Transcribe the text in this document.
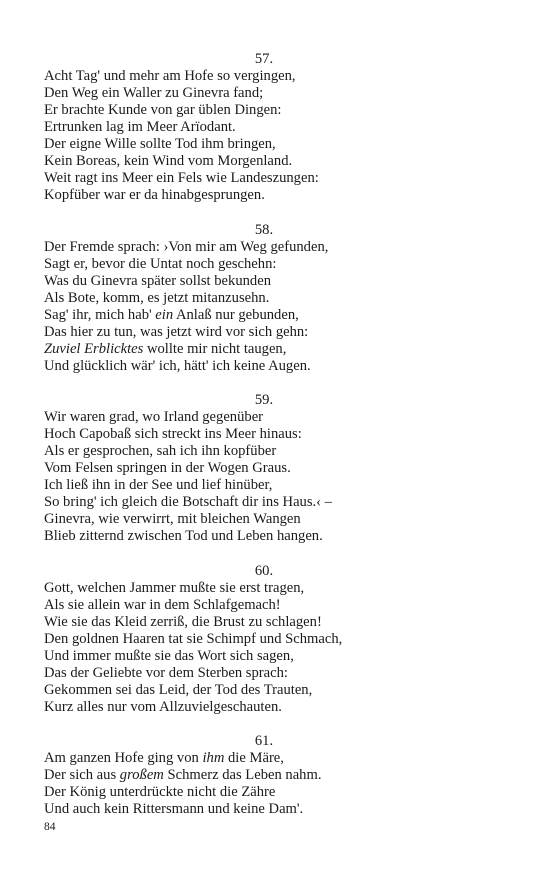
57.
Acht Tag' und mehr am Hofe so vergingen,
Den Weg ein Waller zu Ginevra fand;
Er brachte Kunde von gar üblen Dingen:
Ertrunken lag im Meer Arïodant.
Der eigne Wille sollte Tod ihm bringen,
Kein Boreas, kein Wind vom Morgenland.
Weit ragt ins Meer ein Fels wie Landeszungen:
Kopfüber war er da hinabgesprungen.
58.
Der Fremde sprach: ›Von mir am Weg gefunden,
Sagt er, bevor die Untat noch geschehn:
Was du Ginevra später sollst bekunden
Als Bote, komm, es jetzt mitanzusehn.
Sag' ihr, mich hab' ein Anlaß nur gebunden,
Das hier zu tun, was jetzt wird vor sich gehn:
Zuviel Erblicktes wollte mir nicht taugen,
Und glücklich wär' ich, hätt' ich keine Augen.
59.
Wir waren grad, wo Irland gegenüber
Hoch Capobaß sich streckt ins Meer hinaus:
Als er gesprochen, sah ich ihn kopfüber
Vom Felsen springen in der Wogen Graus.
Ich ließ ihn in der See und lief hinüber,
So bring' ich gleich die Botschaft dir ins Haus.‹ –
Ginevra, wie verwirrt, mit bleichen Wangen
Blieb zitternd zwischen Tod und Leben hangen.
60.
Gott, welchen Jammer mußte sie erst tragen,
Als sie allein war in dem Schlafgemach!
Wie sie das Kleid zerriß, die Brust zu schlagen!
Den goldnen Haaren tat sie Schimpf und Schmach,
Und immer mußte sie das Wort sich sagen,
Das der Geliebte vor dem Sterben sprach:
Gekommen sei das Leid, der Tod des Trauten,
Kurz alles nur vom Allzuvielgeschauten.
61.
Am ganzen Hofe ging von ihm die Märe,
Der sich aus großem Schmerz das Leben nahm.
Der König unterdrückte nicht die Zähre
Und auch kein Rittersmann und keine Dam'.
84
